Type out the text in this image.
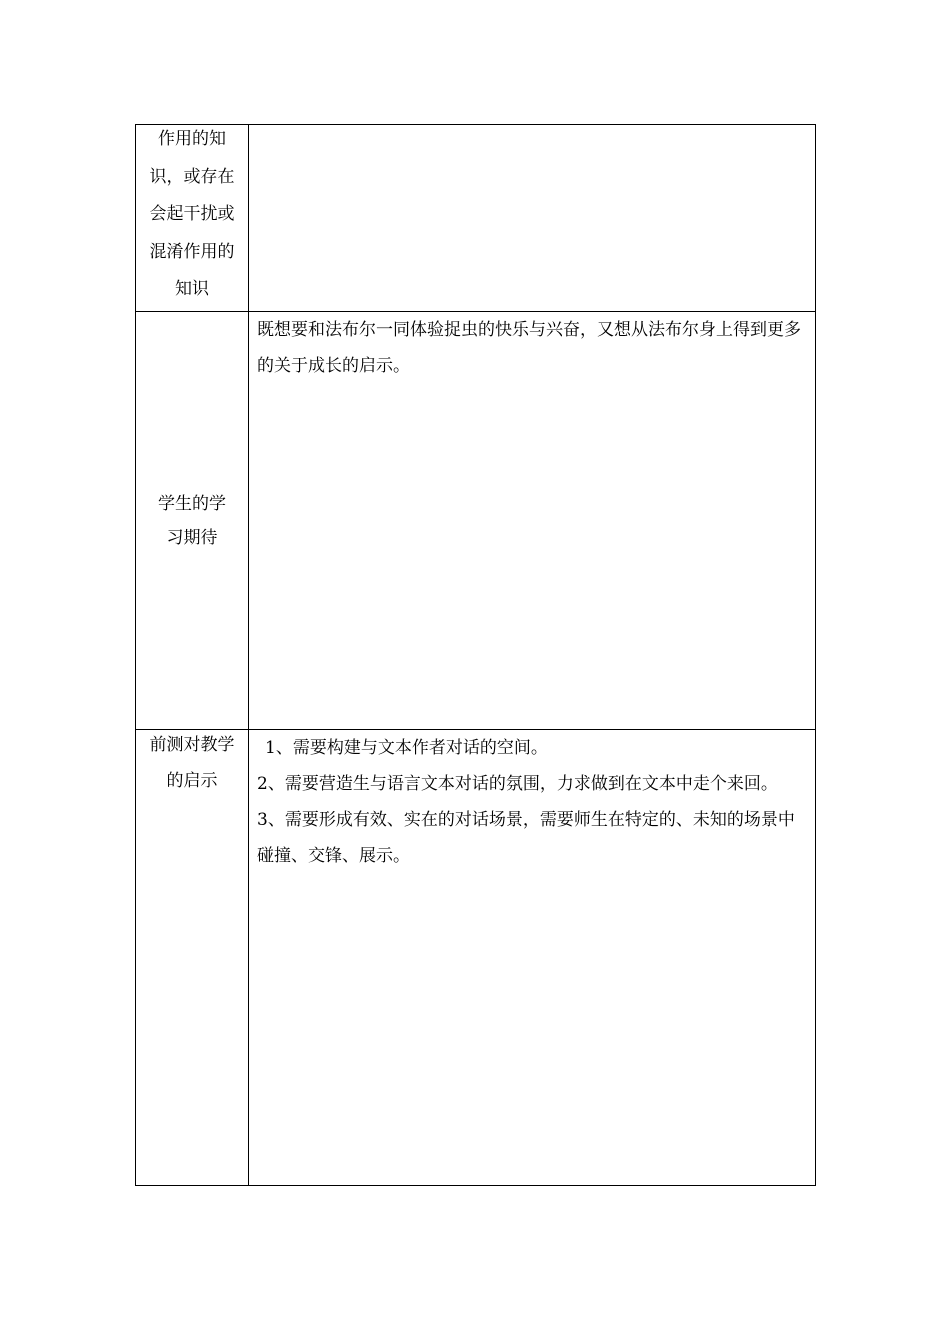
作用的知识，或存在会起干扰或混淆作用的知识
学生的学习期待

既想要和法布尔一同体验捉虫的快乐与兴奋，又想从法布尔身上得到更多的关于成长的启示。

前测对教学的启示

1、需要构建与文本作者对话的空间。

2、需要营造生与语言文本对话的氛围，力求做到在文本中走个来回。

3、需要形成有效、实在的对话场景，需要师生在特定的、未知的场景中碰撞、交锋、展示。
